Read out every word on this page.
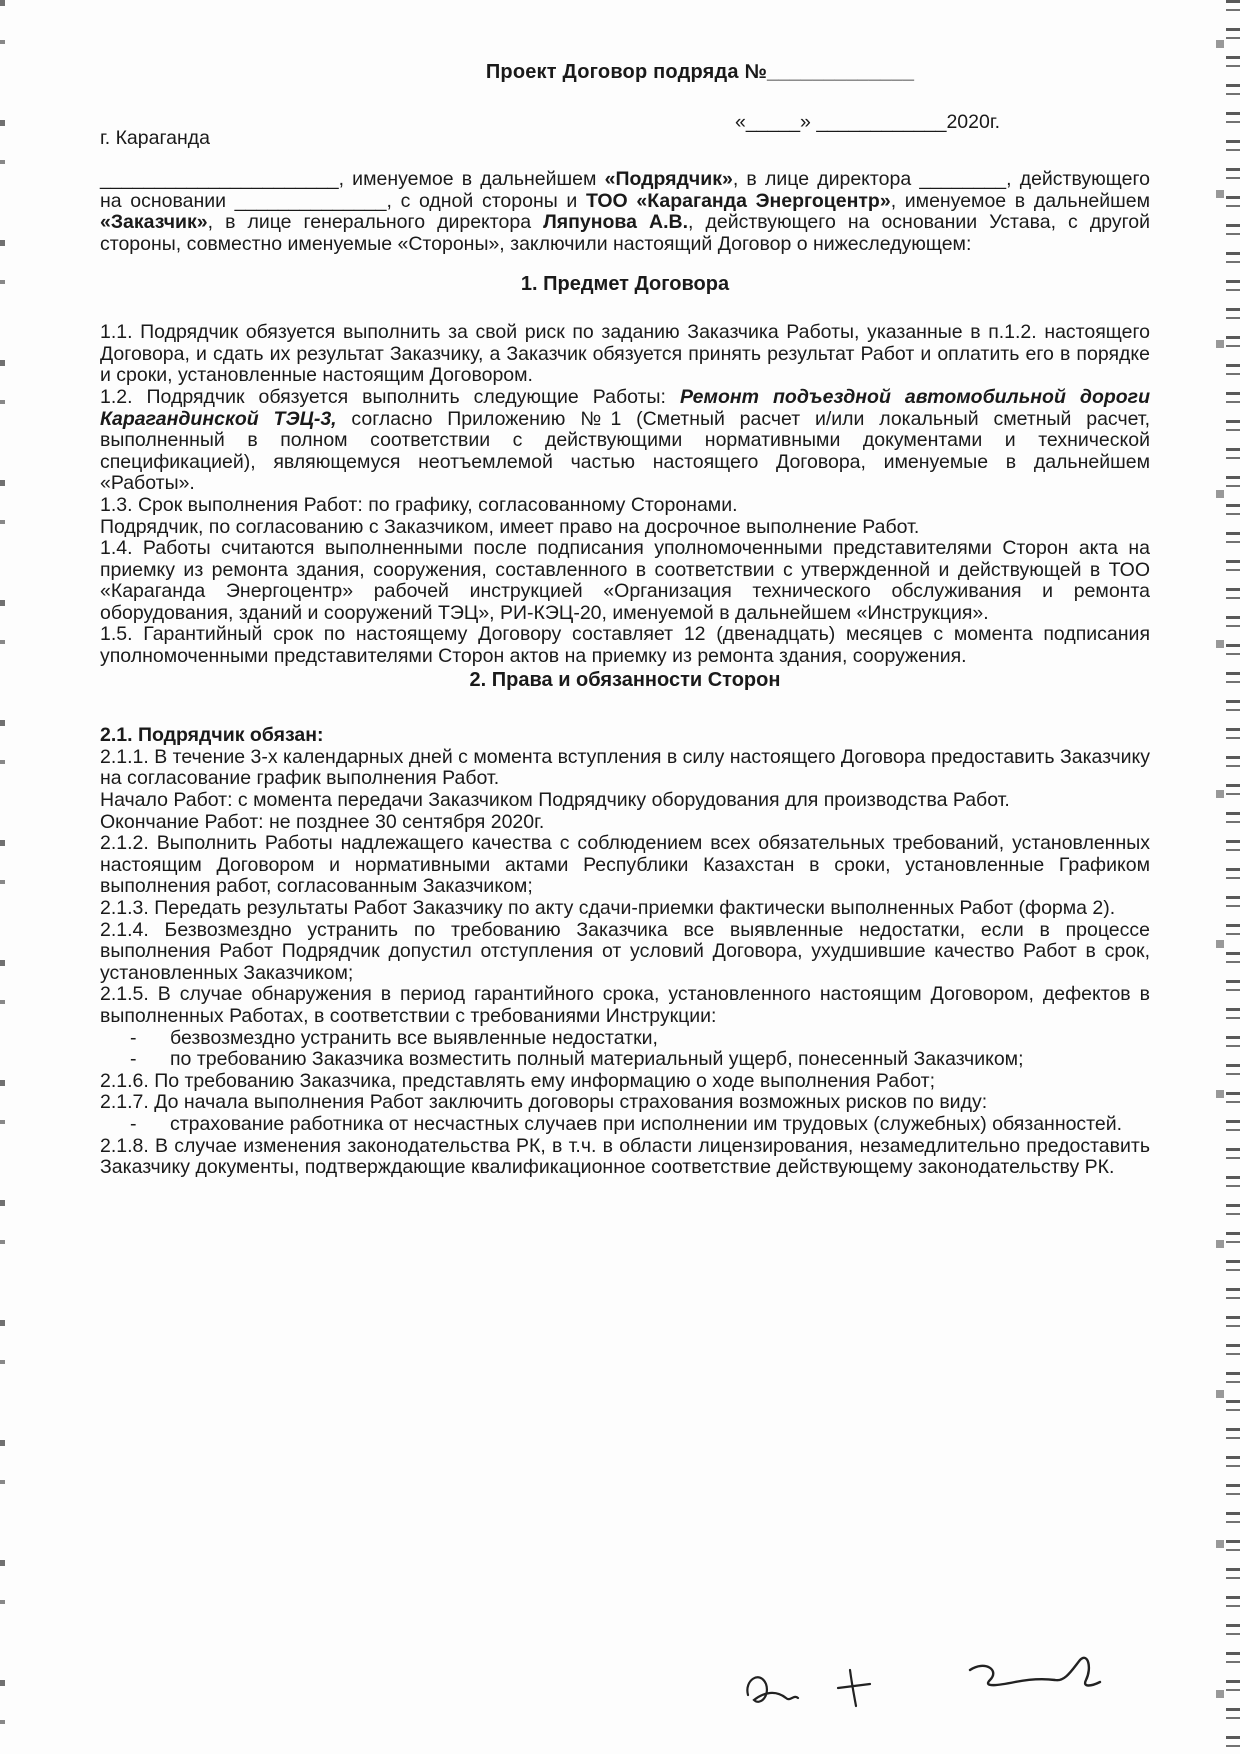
Проект Договор подряда №_____________
г. Караганда
«_____» ____________2020г.

______________________, именуемое в дальнейшем «Подрядчик», в лице директора ________, действующего на основании ______________, с одной стороны и ТОО «Караганда Энергоцентр», именуемое в дальнейшем «Заказчик», в лице генерального директора Ляпунова А.В., действующего на основании Устава, с другой стороны, совместно именуемые «Стороны», заключили настоящий Договор о нижеследующем:

1. Предмет Договора

1.1. Подрядчик обязуется выполнить за свой риск по заданию Заказчика Работы, указанные в п.1.2. настоящего Договора, и сдать их результат Заказчику, а Заказчик обязуется принять результат Работ и оплатить его в порядке и сроки, установленные настоящим Договором.

1.2. Подрядчик обязуется выполнить следующие Работы: Ремонт подъездной автомобильной дороги Карагандинской ТЭЦ-3, согласно Приложению №1 (Сметный расчет и/или локальный сметный расчет, выполненный в полном соответствии с действующими нормативными документами и технической спецификацией), являющемуся неотъемлемой частью настоящего Договора, именуемые в дальнейшем «Работы».

1.3. Срок выполнения Работ: по графику, согласованному Сторонами.

Подрядчик, по согласованию с Заказчиком, имеет право на досрочное выполнение Работ.

1.4. Работы считаются выполненными после подписания уполномоченными представителями Сторон акта на приемку из ремонта здания, сооружения, составленного в соответствии с утвержденной и действующей в ТОО «Караганда Энергоцентр» рабочей инструкцией «Организация технического обслуживания и ремонта оборудования, зданий и сооружений ТЭЦ», РИ-КЭЦ-20, именуемой в дальнейшем «Инструкция».

1.5. Гарантийный срок по настоящему Договору составляет 12 (двенадцать) месяцев с момента подписания уполномоченными представителями Сторон актов на приемку из ремонта здания, сооружения.

2. Права и обязанности Сторон

2.1. Подрядчик обязан:

2.1.1. В течение 3-х календарных дней с момента вступления в силу настоящего Договора предоставить Заказчику на согласование график выполнения Работ.

Начало Работ: с момента передачи Заказчиком Подрядчику оборудования для производства Работ.

Окончание Работ: не позднее 30 сентября 2020г.

2.1.2. Выполнить Работы надлежащего качества с соблюдением всех обязательных требований, установленных настоящим Договором и нормативными актами Республики Казахстан в сроки, установленные Графиком выполнения работ, согласованным Заказчиком;

2.1.3. Передать результаты Работ Заказчику по акту сдачи-приемки фактически выполненных Работ (форма 2).

2.1.4. Безвозмездно устранить по требованию Заказчика все выявленные недостатки, если в процессе выполнения Работ Подрядчик допустил отступления от условий Договора, ухудшившие качество Работ в срок, установленных Заказчиком;

2.1.5. В случае обнаружения в период гарантийного срока, установленного настоящим Договором, дефектов в выполненных Работах, в соответствии с требованиями Инструкции:

-	безвозмездно устранить все выявленные недостатки,
-	по требованию Заказчика возместить полный материальный ущерб, понесенный Заказчиком;

2.1.6. По требованию Заказчика, представлять ему информацию о ходе выполнения Работ;

2.1.7. До начала выполнения Работ заключить договоры страхования возможных рисков по виду:

-	страхование работника от несчастных случаев при исполнении им трудовых (служебных) обязанностей.

2.1.8. В случае изменения законодательства РК, в т.ч. в области лицензирования, незамедлительно предоставить Заказчику документы, подтверждающие квалификационное соответствие действующему законодательству РК.
